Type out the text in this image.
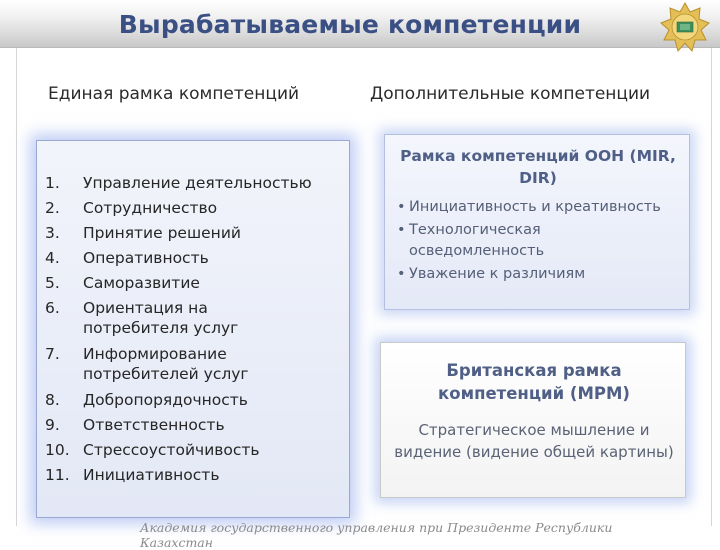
Вырабатываемые компетенции
Единая рамка компетенций	Дополнительные компетенции
1.	Управление деятельностью
2.	Сотрудничество
3.	Принятие решений
4.	Оперативность
5.	Саморазвитие
6.	Ориентация на потребителя услуг
7.	Информирование потребителей услуг
8.	Добропорядочность
9.	Ответственность
10. Стрессоустойчивость
11. Инициативность
Рамка компетенций ООН (MIR, DIR)
• Инициативность и креативность
• Технологическая осведомленность
• Уважение к различиям
Британская рамка компетенций (МРМ)
Стратегическое мышление и видение (видение общей картины)
Академия государственного управления при Президенте Республики Казахстан
